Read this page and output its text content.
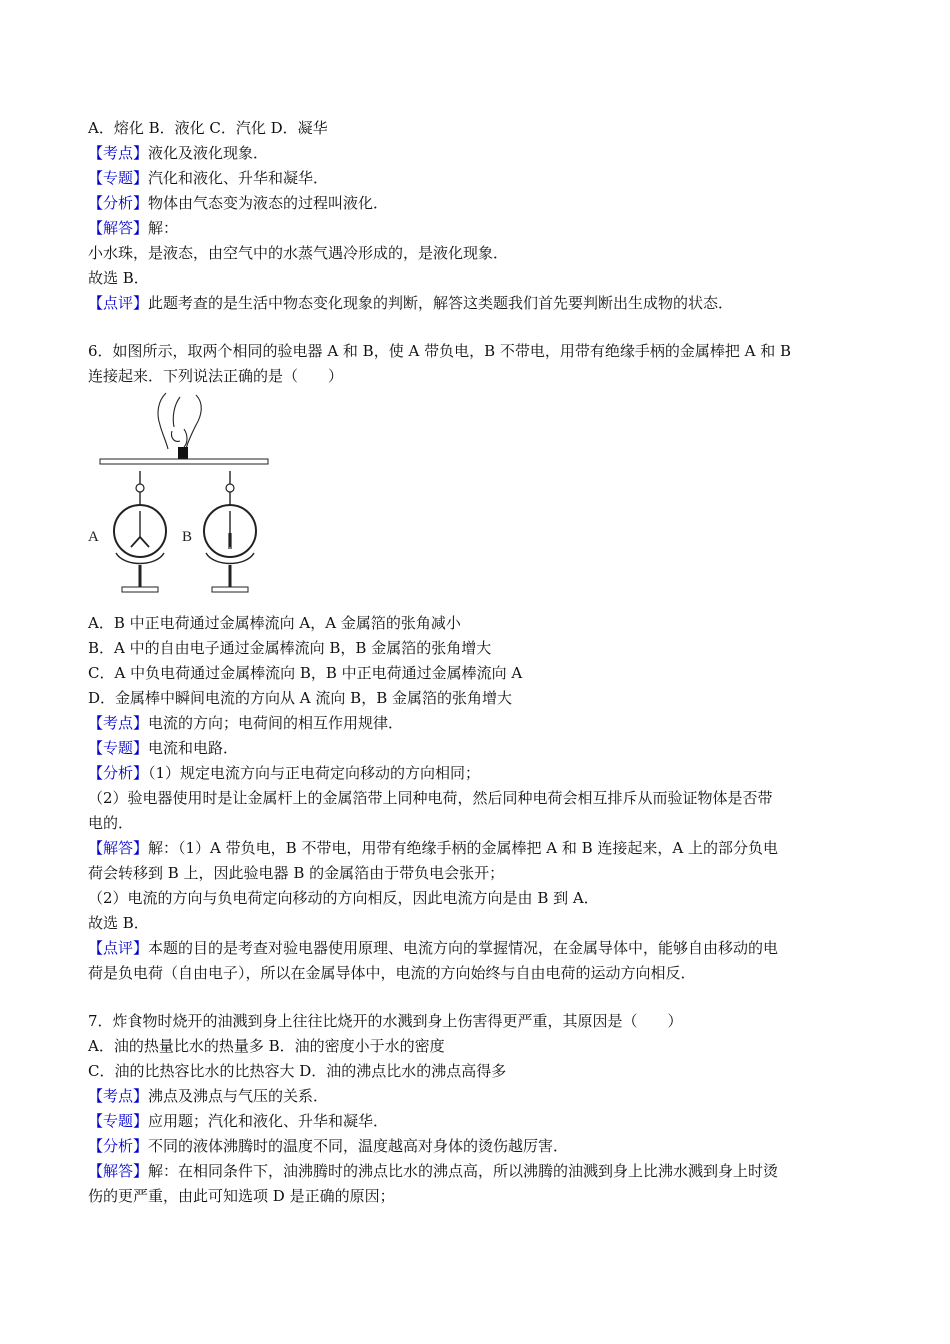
A．熔化 B．液化 C．汽化 D．凝华
【考点】液化及液化现象．
【专题】汽化和液化、升华和凝华．
【分析】物体由气态变为液态的过程叫液化．
【解答】解：
小水珠，是液态，由空气中的水蒸气遇冷形成的，是液化现象．
故选 B．
【点评】此题考查的是生活中物态变化现象的判断，解答这类题我们首先要判断出生成物的状态．
6．如图所示，取两个相同的验电器 A 和 B，使 A 带负电，B 不带电，用带有绝缘手柄的金属棒把 A 和 B
连接起来．下列说法正确的是（　　）
A	B
A．B 中正电荷通过金属棒流向 A，A 金属箔的张角减小
B．A 中的自由电子通过金属棒流向 B，B 金属箔的张角增大
C．A 中负电荷通过金属棒流向 B，B 中正电荷通过金属棒流向 A
D．金属棒中瞬间电流的方向从 A 流向 B，B 金属箔的张角增大
【考点】电流的方向；电荷间的相互作用规律．
【专题】电流和电路．
【分析】（1）规定电流方向与正电荷定向移动的方向相同；
（2）验电器使用时是让金属杆上的金属箔带上同种电荷，然后同种电荷会相互排斥从而验证物体是否带
电的．
【解答】解：（1）A 带负电，B 不带电，用带有绝缘手柄的金属棒把 A 和 B 连接起来，A 上的部分负电
荷会转移到 B 上，因此验电器 B 的金属箔由于带负电会张开；
（2）电流的方向与负电荷定向移动的方向相反，因此电流方向是由 B 到 A．
故选 B．
【点评】本题的目的是考查对验电器使用原理、电流方向的掌握情况，在金属导体中，能够自由移动的电
荷是负电荷（自由电子），所以在金属导体中，电流的方向始终与自由电荷的运动方向相反．
7．炸食物时烧开的油溅到身上往往比烧开的水溅到身上伤害得更严重，其原因是（　　）
A．油的热量比水的热量多 B．油的密度小于水的密度
C．油的比热容比水的比热容大 D．油的沸点比水的沸点高得多
【考点】沸点及沸点与气压的关系．
【专题】应用题；汽化和液化、升华和凝华．
【分析】不同的液体沸腾时的温度不同，温度越高对身体的烫伤越厉害．
【解答】解：在相同条件下，油沸腾时的沸点比水的沸点高，所以沸腾的油溅到身上比沸水溅到身上时烫
伤的更严重，由此可知选项 D 是正确的原因；
